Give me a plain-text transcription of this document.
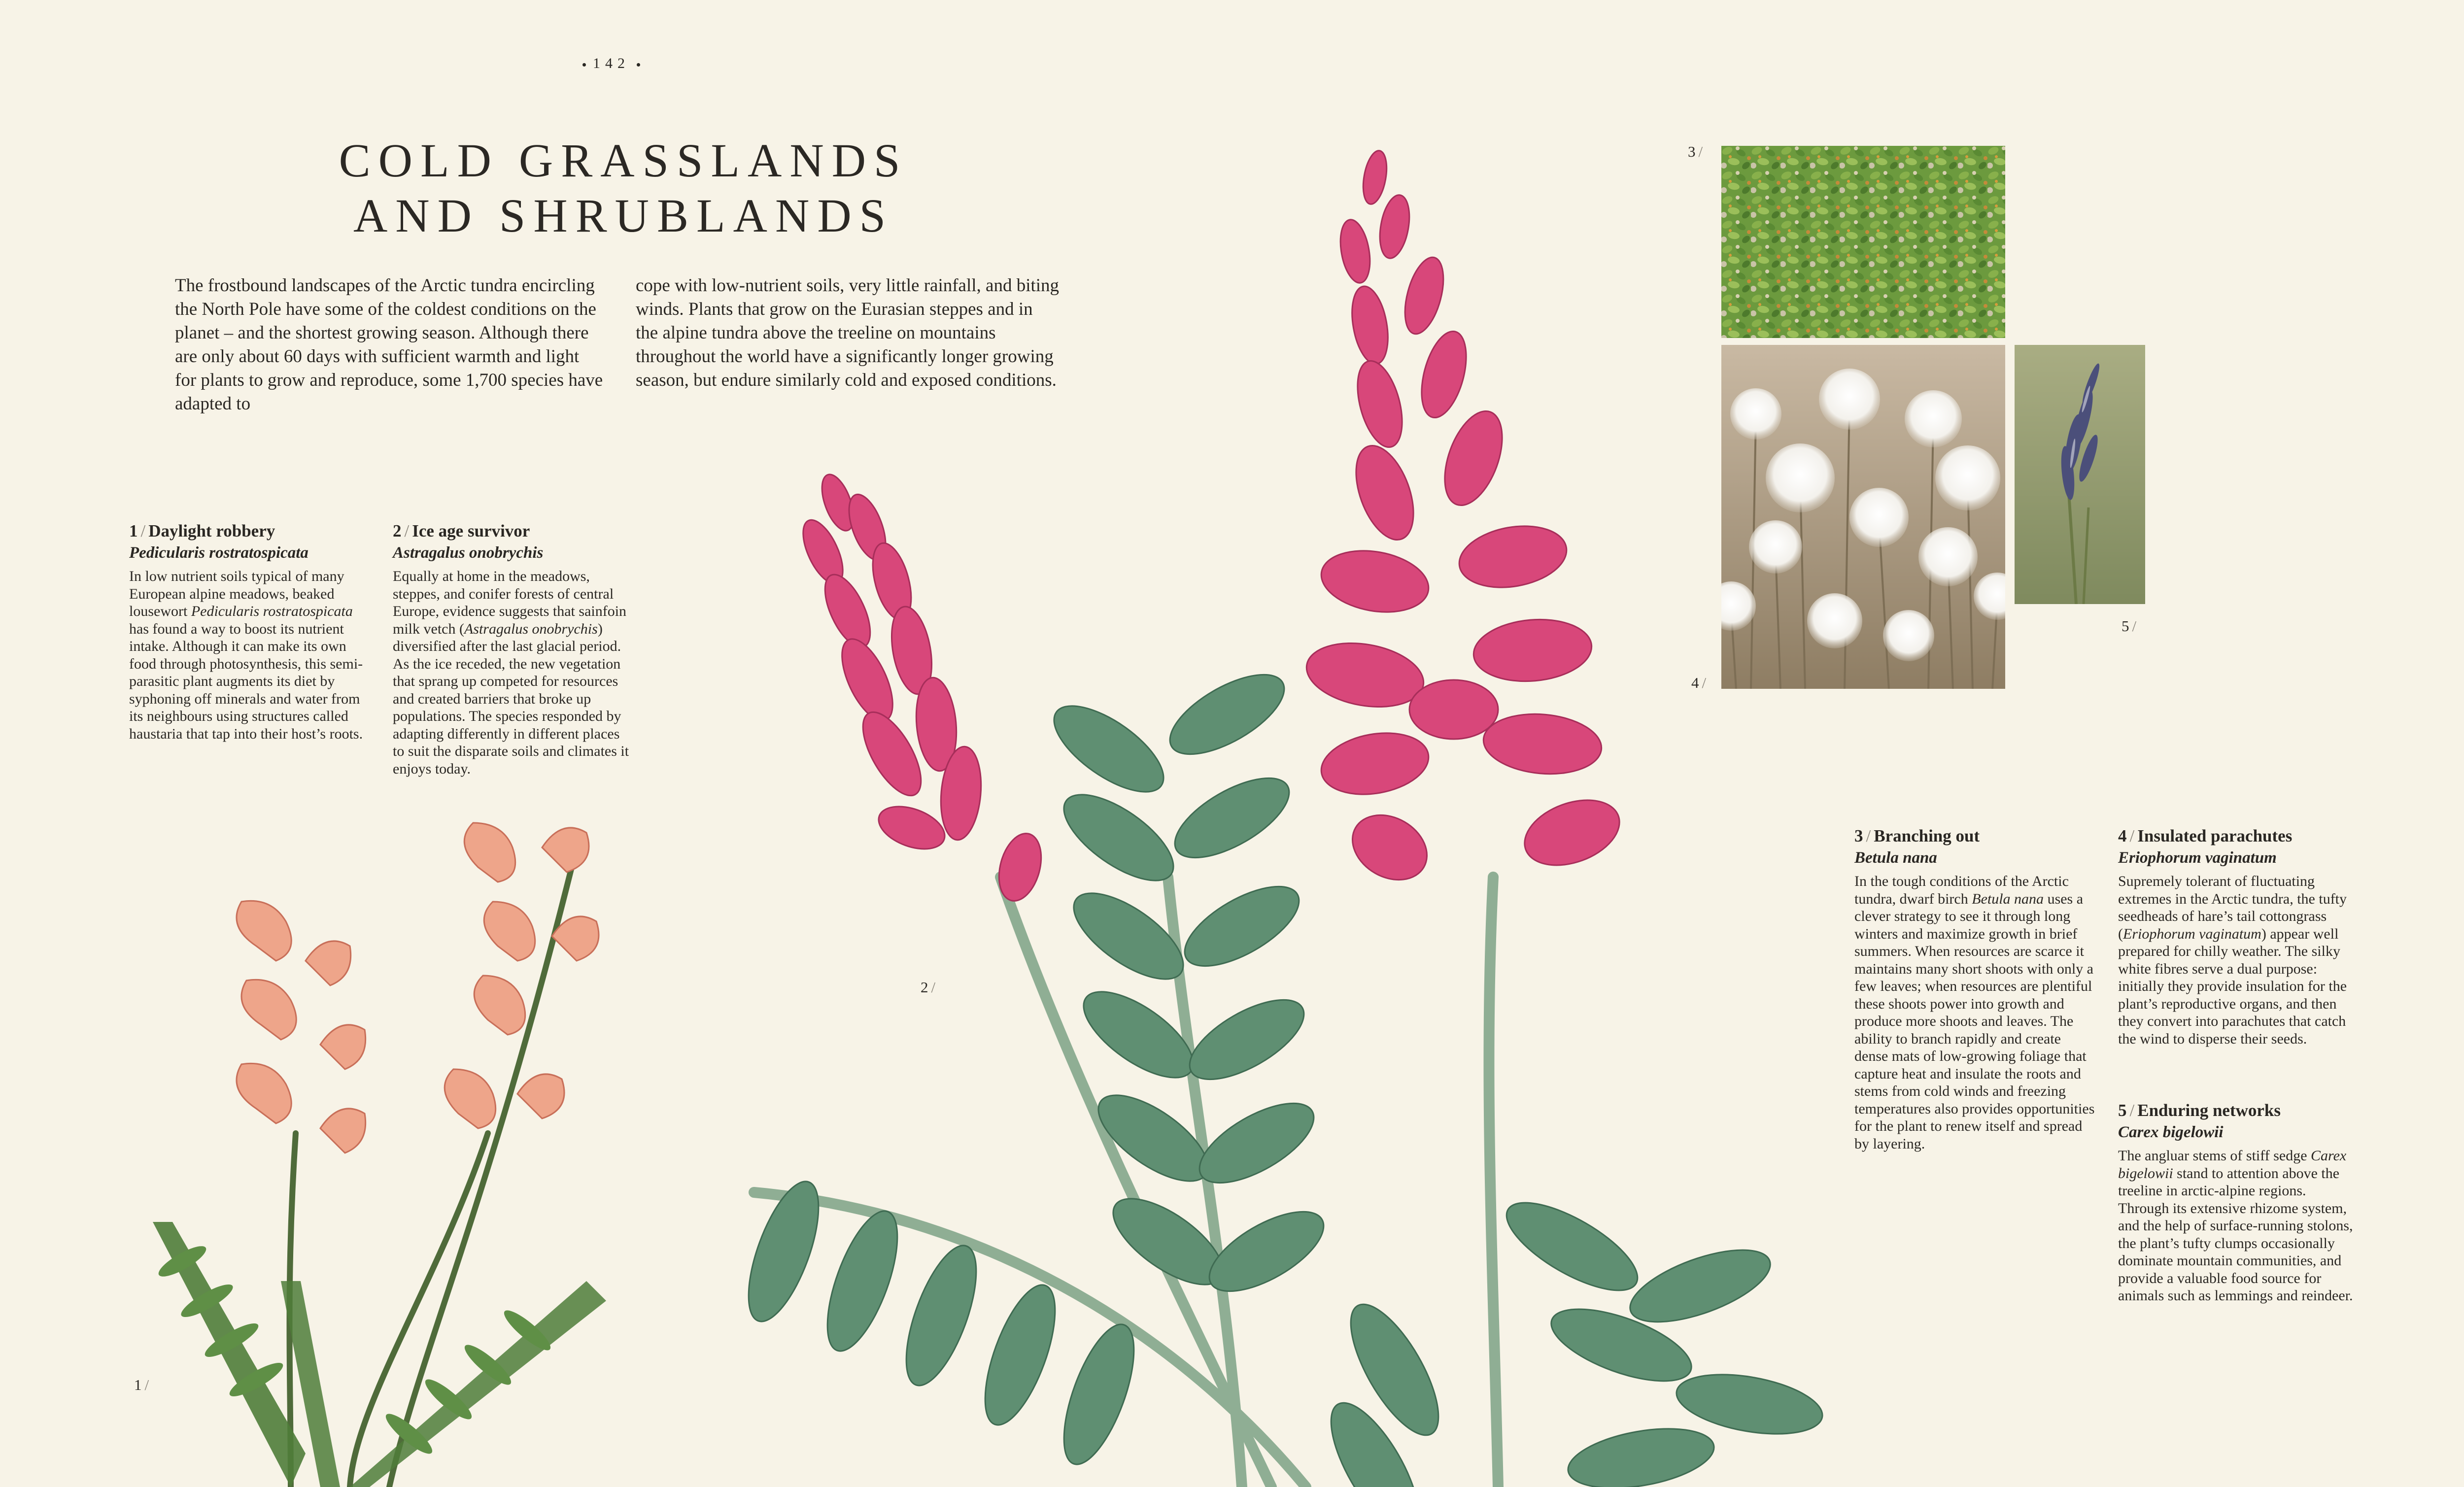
142
COLD GRASSLANDS
AND SHRUBLANDS
The frostbound landscapes of the Arctic tundra encircling the North Pole have some of the coldest conditions on the planet – and the shortest growing season. Although there are only about 60 days with sufficient warmth and light for plants to grow and reproduce, some 1,700 species have adapted to
cope with low-nutrient soils, very little rainfall, and biting winds. Plants that grow on the Eurasian steppes and in the alpine tundra above the treeline on mountains throughout the world have a significantly longer growing season, but endure similarly cold and exposed conditions.
1 / Daylight robbery
Pedicularis rostratospicata
In low nutrient soils typical of many European alpine meadows, beaked lousewort Pedicularis rostratospicata has found a way to boost its nutrient intake. Although it can make its own food through photosynthesis, this semi-parasitic plant augments its diet by syphoning off minerals and water from its neighbours using structures called haustaria that tap into their host’s roots.
2 / Ice age survivor
Astragalus onobrychis
Equally at home in the meadows, steppes, and conifer forests of central Europe, evidence suggests that sainfoin milk vetch (Astragalus onobrychis) diversified after the last glacial period. As the ice receded, the new vegetation that sprang up competed for resources and created barriers that broke up populations. The species responded by adapting differently in different places to suit the disparate soils and climates it enjoys today.
3 / Branching out
Betula nana
In the tough conditions of the Arctic tundra, dwarf birch Betula nana uses a clever strategy to see it through long winters and maximize growth in brief summers. When resources are scarce it maintains many short shoots with only a few leaves; when resources are plentiful these shoots power into growth and produce more shoots and leaves. The ability to branch rapidly and create dense mats of low-growing foliage that capture heat and insulate the roots and stems from cold winds and freezing temperatures also provides opportunities for the plant to renew itself and spread by layering.
4 / Insulated parachutes
Eriophorum vaginatum
Supremely tolerant of fluctuating extremes in the Arctic tundra, the tufty seedheads of hare’s tail cottongrass (Eriophorum vaginatum) appear well prepared for chilly weather. The silky white fibres serve a dual purpose: initially they provide insulation for the plant’s reproductive organs, and then they convert into parachutes that catch the wind to disperse their seeds.
5 / Enduring networks
Carex bigelowii
The angluar stems of stiff sedge Carex bigelowii stand to attention above the treeline in arctic-alpine regions. Through its extensive rhizome system, and the help of surface-running stolons, the plant’s tufty clumps occasionally dominate mountain communities, and provide a valuable food source for animals such as lemmings and reindeer.
1 /
2 /
3 /
4 /
5 /
